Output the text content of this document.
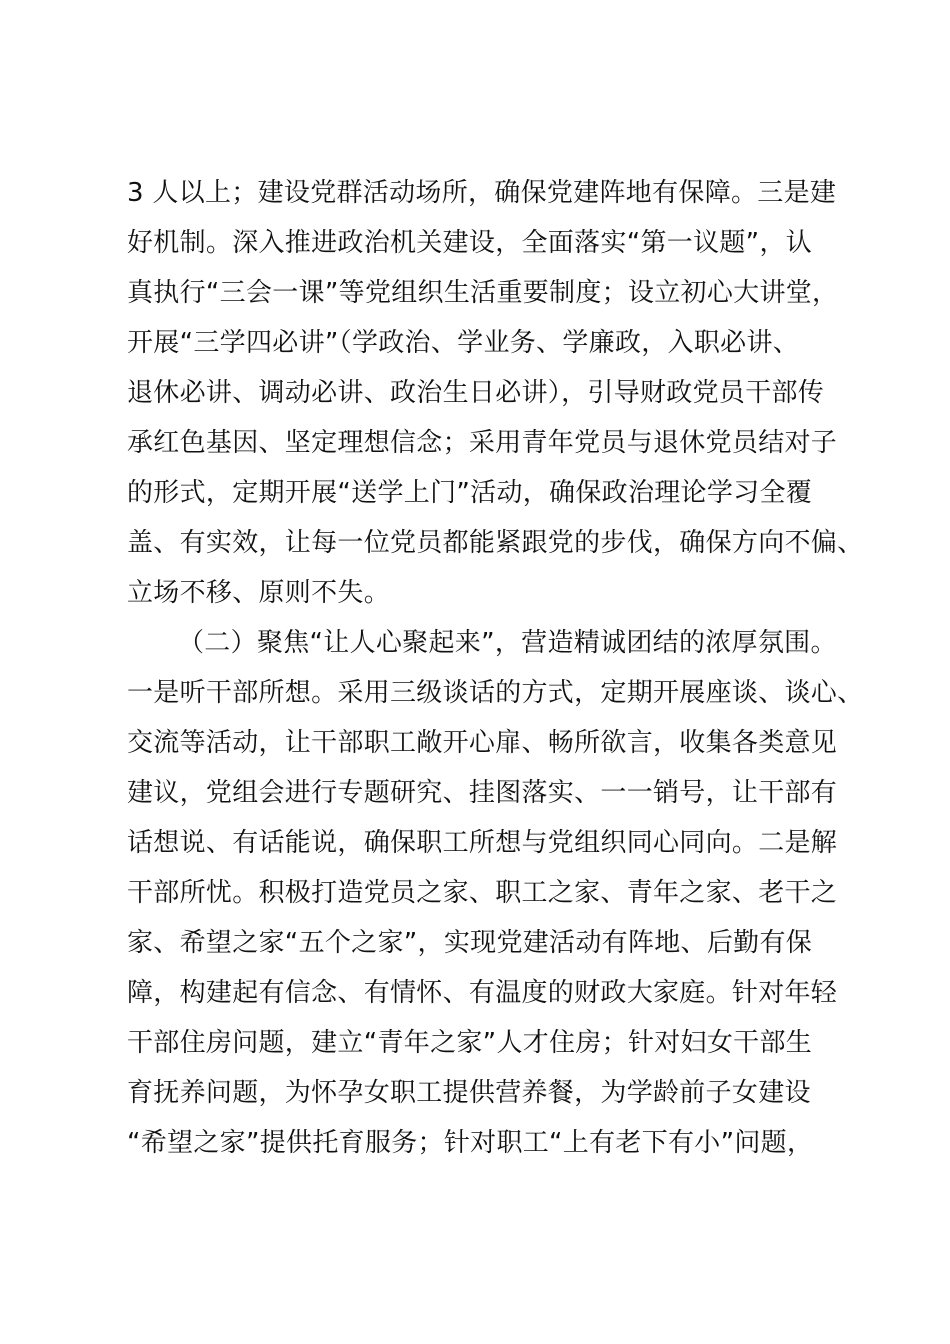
3 人以上；建设党群活动场所，确保党建阵地有保障。三是建
好机制。深入推进政治机关建设，全面落实“第一议题”，认
真执行“三会一课”等党组织生活重要制度；设立初心大讲堂，
开展“三学四必讲”（学政治、学业务、学廉政，入职必讲、
退休必讲、调动必讲、政治生日必讲），引导财政党员干部传
承红色基因、坚定理想信念；采用青年党员与退休党员结对子
的形式，定期开展“送学上门”活动，确保政治理论学习全覆
盖、有实效，让每一位党员都能紧跟党的步伐，确保方向不偏、
立场不移、原则不失。
（二）聚焦“让人心聚起来”，营造精诚团结的浓厚氛围。
一是听干部所想。采用三级谈话的方式，定期开展座谈、谈心、
交流等活动，让干部职工敞开心扉、畅所欲言，收集各类意见
建议，党组会进行专题研究、挂图落实、一一销号，让干部有
话想说、有话能说，确保职工所想与党组织同心同向。二是解
干部所忧。积极打造党员之家、职工之家、青年之家、老干之
家、希望之家“五个之家”，实现党建活动有阵地、后勤有保
障，构建起有信念、有情怀、有温度的财政大家庭。针对年轻
干部住房问题，建立“青年之家”人才住房；针对妇女干部生
育抚养问题，为怀孕女职工提供营养餐，为学龄前子女建设
“希望之家”提供托育服务；针对职工“上有老下有小”问题，
